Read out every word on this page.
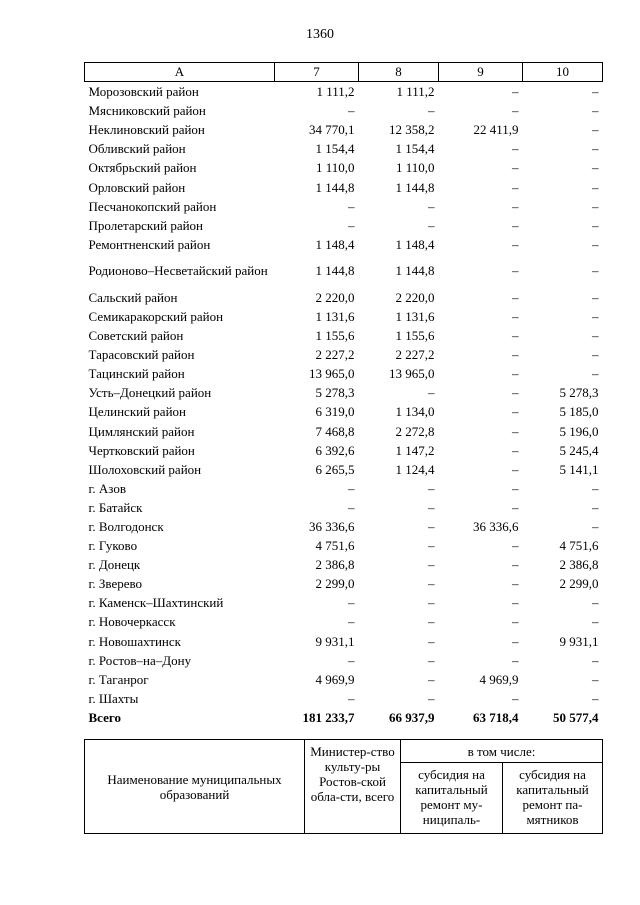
1360
А	7	8	9	10
Морозовский район	1 111,2	1 111,2	–	–
Мясниковский район	–	–	–	–
Неклиновский район	34 770,1	12 358,2	22 411,9	–
Обливский район	1 154,4	1 154,4	–	–
Октябрьский район	1 110,0	1 110,0	–	–
Орловский район	1 144,8	1 144,8	–	–
Песчанокопский район	–	–	–	–
Пролетарский район	–	–	–	–
Ремонтненский район	1 148,4	1 148,4	–	–
Родионово–Несветайский район	1 144,8	1 144,8	–	–
Сальский район	2 220,0	2 220,0	–	–
Семикаракорский район	1 131,6	1 131,6	–	–
Советский район	1 155,6	1 155,6	–	–
Тарасовский район	2 227,2	2 227,2	–	–
Тацинский район	13 965,0	13 965,0	–	–
Усть–Донецкий район	5 278,3	–	–	5 278,3
Целинский район	6 319,0	1 134,0	–	5 185,0
Цимлянский район	7 468,8	2 272,8	–	5 196,0
Чертковский район	6 392,6	1 147,2	–	5 245,4
Шолоховский район	6 265,5	1 124,4	–	5 141,1
г. Азов	–	–	–	–
г. Батайск	–	–	–	–
г. Волгодонск	36 336,6	–	36 336,6	–
г. Гуково	4 751,6	–	–	4 751,6
г. Донецк	2 386,8	–	–	2 386,8
г. Зверево	2 299,0	–	–	2 299,0
г. Каменск–Шахтинский	–	–	–	–
г. Новочеркасск	–	–	–	–
г. Новошахтинск	9 931,1	–	–	9 931,1
г. Ростов–на–Дону	–	–	–	–
г. Таганрог	4 969,9	–	4 969,9	–
г. Шахты	–	–	–	–
Всего	181 233,7	66 937,9	63 718,4	50 577,4
Наименование муниципальных образований	Министер-ство культу-ры Ростов-ской обла-сти, всего	в том числе:	
		субсидия на капитальный ремонт му-ниципаль-	субсидия на капитальный ремонт па-мятников
